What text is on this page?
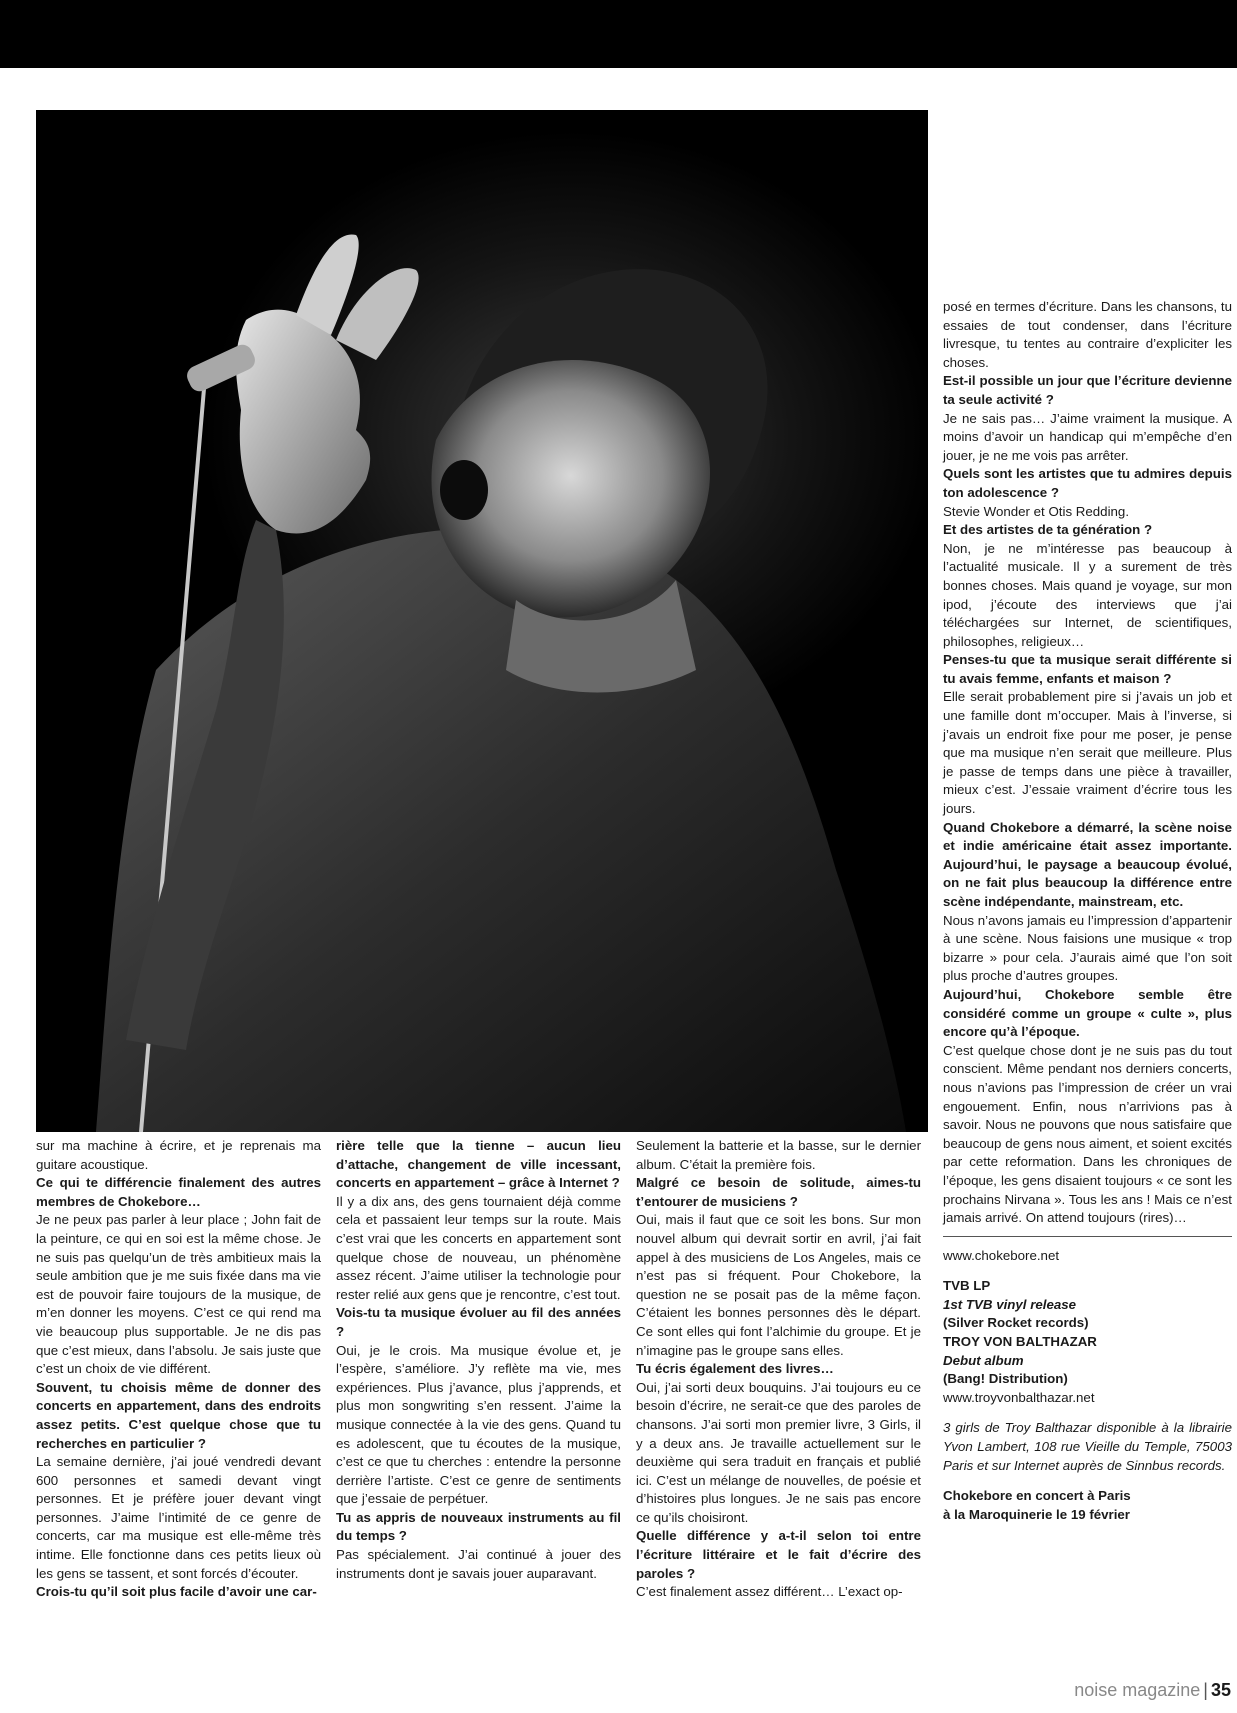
sur ma machine à écrire, et je reprenais ma guitare acoustique.

Ce qui te différencie finalement des autres membres de Chokebore…

Je ne peux pas parler à leur place ; John fait de la peinture, ce qui en soi est la même chose. Je ne suis pas quelqu’un de très ambitieux mais la seule ambition que je me suis fixée dans ma vie est de pouvoir faire toujours de la musique, de m’en donner les moyens. C’est ce qui rend ma vie beaucoup plus supportable. Je ne dis pas que c’est mieux, dans l’absolu. Je sais juste que c’est un choix de vie différent.

Souvent, tu choisis même de donner des concerts en appartement, dans des endroits assez petits. C’est quelque chose que tu recherches en particulier ?

La semaine dernière, j’ai joué vendredi devant 600 personnes et samedi devant vingt personnes. Et je préfère jouer devant vingt personnes. J’aime l’intimité de ce genre de concerts, car ma musique est elle-même très intime. Elle fonctionne dans ces petits lieux où les gens se tassent, et sont forcés d’écouter.

Crois-tu qu’il soit plus facile d’avoir une car-

rière telle que la tienne – aucun lieu d’attache, changement de ville incessant, concerts en appartement – grâce à Internet ?

Il y a dix ans, des gens tournaient déjà comme cela et passaient leur temps sur la route. Mais c’est vrai que les concerts en appartement sont quelque chose de nouveau, un phénomène assez récent. J’aime utiliser la technologie pour rester relié aux gens que je rencontre, c’est tout.

Vois-tu ta musique évoluer au fil des années ?

Oui, je le crois. Ma musique évolue et, je l’espère, s’améliore. J’y reflète ma vie, mes expériences. Plus j’avance, plus j’apprends, et plus mon songwriting s’en ressent. J’aime la musique connectée à la vie des gens. Quand tu es adolescent, que tu écoutes de la musique, c’est ce que tu cherches : entendre la personne derrière l’artiste. C’est ce genre de sentiments que j’essaie de perpétuer.

Tu as appris de nouveaux instruments au fil du temps ?

Pas spécialement. J’ai continué à jouer des instruments dont je savais jouer auparavant.

Seulement la batterie et la basse, sur le dernier album. C’était la première fois.

Malgré ce besoin de solitude, aimes-tu t’entourer de musiciens ?

Oui, mais il faut que ce soit les bons. Sur mon nouvel album qui devrait sortir en avril, j’ai fait appel à des musiciens de Los Angeles, mais ce n’est pas si fréquent. Pour Chokebore, la question ne se posait pas de la même façon. C’étaient les bonnes personnes dès le départ. Ce sont elles qui font l’alchimie du groupe. Et je n’imagine pas le groupe sans elles.

Tu écris également des livres…

Oui, j’ai sorti deux bouquins. J’ai toujours eu ce besoin d’écrire, ne serait-ce que des paroles de chansons. J’ai sorti mon premier livre, 3 Girls, il y a deux ans. Je travaille actuellement sur le deuxième qui sera traduit en français et publié ici. C’est un mélange de nouvelles, de poésie et d’histoires plus longues. Je ne sais pas encore ce qu’ils choisiront.

Quelle différence y a-t-il selon toi entre l’écriture littéraire et le fait d’écrire des paroles ?

C’est finalement assez différent… L’exact op-

posé en termes d’écriture. Dans les chansons, tu essaies de tout condenser, dans l’écriture livresque, tu tentes au contraire d’expliciter les choses.

Est-il possible un jour que l’écriture devienne ta seule activité ?

Je ne sais pas… J’aime vraiment la musique. A moins d’avoir un handicap qui m’empêche d’en jouer, je ne me vois pas arrêter.

Quels sont les artistes que tu admires depuis ton adolescence ?

Stevie Wonder et Otis Redding.

Et des artistes de ta génération ?

Non, je ne m’intéresse pas beaucoup à l’actualité musicale. Il y a surement de très bonnes choses. Mais quand je voyage, sur mon ipod, j’écoute des interviews que j’ai téléchargées sur Internet, de scientifiques, philosophes, religieux…

Penses-tu que ta musique serait différente si tu avais femme, enfants et maison ?

Elle serait probablement pire si j’avais un job et une famille dont m’occuper. Mais à l’inverse, si j’avais un endroit fixe pour me poser, je pense que ma musique n’en serait que meilleure. Plus je passe de temps dans une pièce à travailler, mieux c’est. J’essaie vraiment d’écrire tous les jours.

Quand Chokebore a démarré, la scène noise et indie américaine était assez importante. Aujourd’hui, le paysage a beaucoup évolué, on ne fait plus beaucoup la différence entre scène indépendante, mainstream, etc.

Nous n’avons jamais eu l’impression d’appartenir à une scène. Nous faisions une musique « trop bizarre » pour cela. J’aurais aimé que l’on soit plus proche d’autres groupes.

Aujourd’hui, Chokebore semble être considéré comme un groupe « culte », plus encore qu’à l’époque.

C’est quelque chose dont je ne suis pas du tout conscient. Même pendant nos derniers concerts, nous n’avions pas l’impression de créer un vrai engouement. Enfin, nous n’arrivions pas à savoir. Nous ne pouvons que nous satisfaire que beaucoup de gens nous aiment, et soient excités par cette reformation. Dans les chroniques de l’époque, les gens disaient toujours « ce sont les prochains Nirvana ». Tous les ans ! Mais ce n’est jamais arrivé. On attend toujours (rires)…

www.chokebore.net

TVB LP

1st TVB vinyl release

(Silver Rocket records)

TROY VON BALTHAZAR

Debut album

(Bang! Distribution)

www.troyvonbalthazar.net

3 girls de Troy Balthazar disponible à la librairie Yvon Lambert, 108 rue Vieille du Temple, 75003 Paris et sur Internet auprès de Sinnbus records.

Chokebore en concert à Paris

à la Maroquinerie le 19 février

noise magazine | 35
